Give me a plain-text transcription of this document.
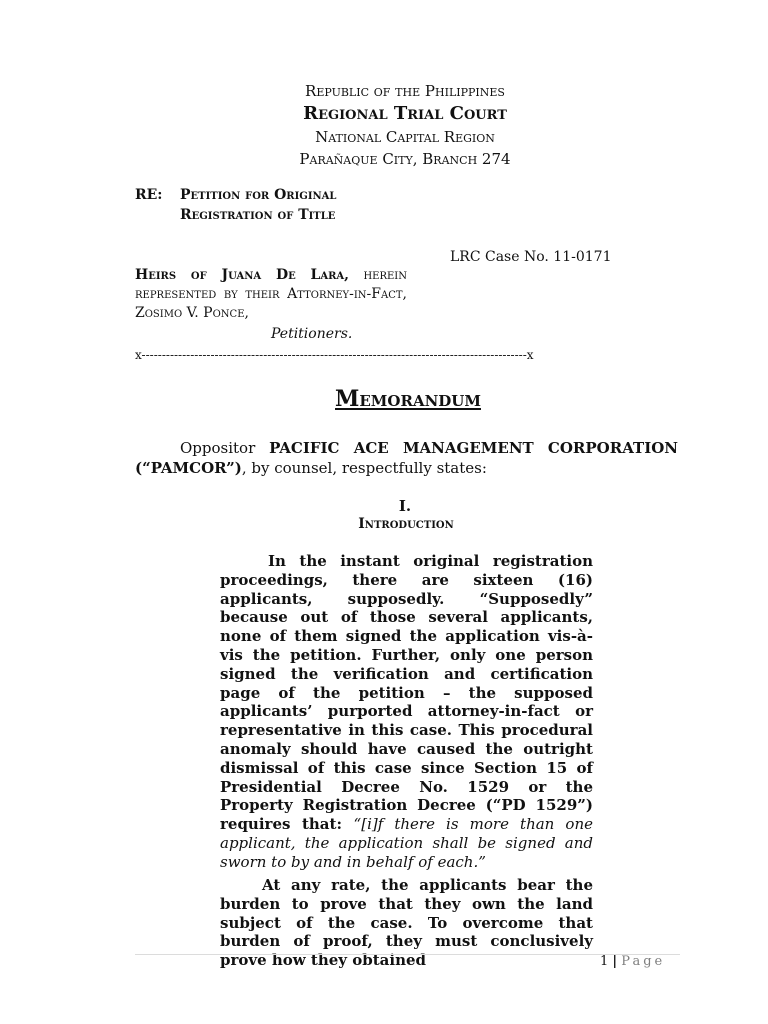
Republic of the Philippines
Regional Trial Court
National Capital Region
Parañaque City, Branch 274
RE: Petition for Original
Registration of Title
LRC Case No. 11-0171
Heirs of Juana De Lara, herein represented by their Attorney-in-Fact, Zosimo V. Ponce,
Petitioners.
x-----------------------------------------------------------------------------------------------x
Memorandum
Oppositor PACIFIC ACE MANAGEMENT CORPORATION
(“PAMCOR”), by counsel, respectfully states:
I.
Introduction
In the instant original registration proceedings, there are sixteen (16) applicants, supposedly. “Supposedly” because out of those several applicants, none of them signed the application vis-à-vis the petition. Further, only one person signed the verification and certification page of the petition – the supposed applicants’ purported attorney-in-fact or representative in this case. This procedural anomaly should have caused the outright dismissal of this case since Section 15 of Presidential Decree No. 1529 or the Property Registration Decree (“PD 1529”) requires that: “[i]f there is more than one applicant, the application shall be signed and sworn to by and in behalf of each.”
At any rate, the applicants bear the burden to prove that they own the land subject of the case. To overcome that burden of proof, they must conclusively prove how they obtained	1 | Page
